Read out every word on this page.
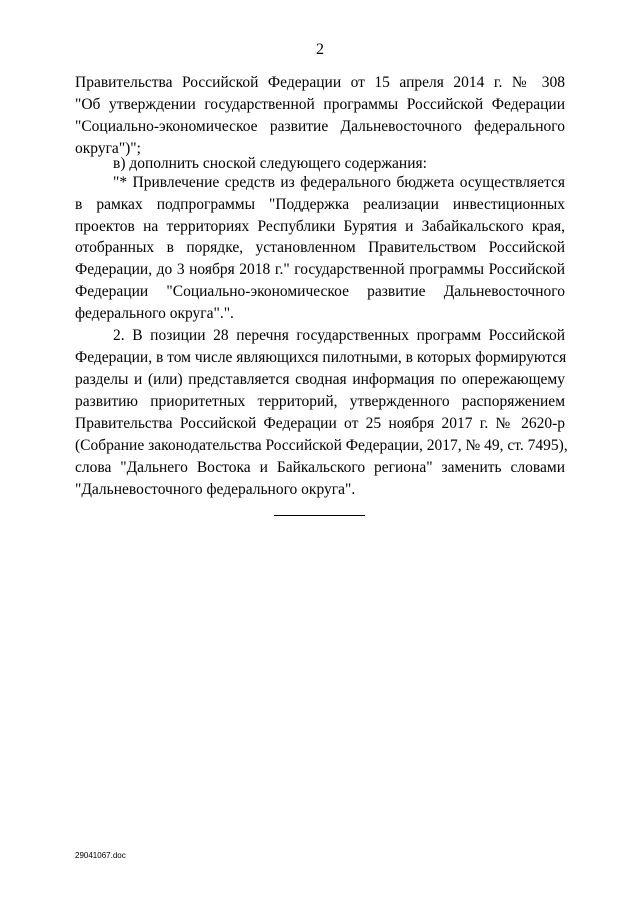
2
Правительства Российской Федерации от 15 апреля 2014 г. № 308
"Об утверждении государственной программы Российской Федерации
"Социально-экономическое развитие Дальневосточного федерального
округа")";
в) дополнить сноской следующего содержания:
"* Привлечение средств из федерального бюджета осуществляется
в рамках подпрограммы "Поддержка реализации инвестиционных
проектов на территориях Республики Бурятия и Забайкальского края,
отобранных в порядке, установленном Правительством Российской
Федерации, до 3 ноября 2018 г." государственной программы Российской
Федерации "Социально-экономическое развитие Дальневосточного
федерального округа".".
2. В позиции 28 перечня государственных программ Российской
Федерации, в том числе являющихся пилотными, в которых формируются
разделы и (или) представляется сводная информация по опережающему
развитию приоритетных территорий, утвержденного распоряжением
Правительства Российской Федерации от 25 ноября 2017 г. № 2620-р
(Собрание законодательства Российской Федерации, 2017, № 49, ст. 7495),
слова "Дальнего Востока и Байкальского региона" заменить словами
"Дальневосточного федерального округа".
29041067.doc
